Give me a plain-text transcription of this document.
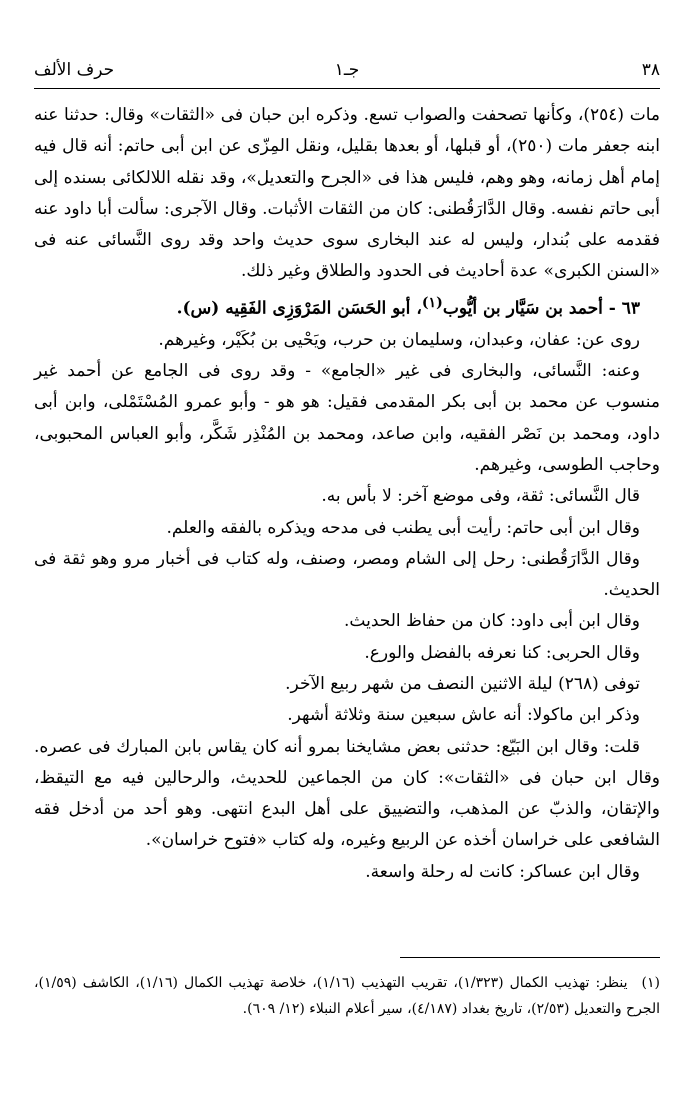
٣٨
جـ١
حرف الألف

مات (٢٥٤)، وكأنها تصحفت والصواب تسع. وذكره ابن حبان فى «الثقات» وقال: حدثنا عنه ابنه جعفر مات (٢٥٠)، أو قبلها، أو بعدها بقليل، ونقل المِزّى عن ابن أبى حاتم: أنه قال فيه إمام أهل زمانه، وهو وهم، فليس هذا فى «الجرح والتعديل»، وقد نقله اللالكائى بسنده إلى أبى حاتم نفسه. وقال الدَّارَقُطنى: كان من الثقات الأثبات. وقال الآجرى: سألت أبا داود عنه فقدمه على بُندار، وليس له عند البخارى سوى حديث واحد وقد روى النَّسائى عنه فى «السنن الكبرى» عدة أحاديث فى الحدود والطلاق وغير ذلك.

٦٣ - أحمد بن سَيَّار بن أيُّوب$^{(١)}$، أبو الحَسَن المَرْوَزِى الفَقِيه (س).

روى عن: عفان، وعبدان، وسليمان بن حرب، ويَحْيى بن بُكَيْر، وغيرهم.

وعنه: النَّسائى، والبخارى فى غير «الجامع» - وقد روى فى الجامع عن أحمد غير منسوب عن محمد بن أبى بكر المقدمى فقيل: هو هو - وأبو عمرو المُسْتَمْلى، وابن أبى داود، ومحمد بن نَصْر الفقيه، وابن صاعد، ومحمد بن المُنْذِر شَكَّر، وأبو العباس المحبوبى، وحاجب الطوسى، وغيرهم.

قال النَّسائى: ثقة، وفى موضع آخر: لا بأس به.

وقال ابن أبى حاتم: رأيت أبى يطنب فى مدحه ويذكره بالفقه والعلم.

وقال الدَّارَقُطنى: رحل إلى الشام ومصر، وصنف، وله كتاب فى أخبار مرو وهو ثقة فى الحديث.

وقال ابن أبى داود: كان من حفاظ الحديث.

وقال الحربى: كنا نعرفه بالفضل والورع.

توفى (٢٦٨) ليلة الاثنين النصف من شهر ربيع الآخر.

وذكر ابن ماكولا: أنه عاش سبعين سنة وثلاثة أشهر.

قلت: وقال ابن البَيّع: حدثنى بعض مشايخنا بمرو أنه كان يقاس بابن المبارك فى عصره. وقال ابن حبان فى «الثقات»: كان من الجماعين للحديث، والرحالين فيه مع التيقظ، والإتقان، والذبّ عن المذهب، والتضييق على أهل البدع انتهى. وهو أحد من أدخل فقه الشافعى على خراسان أخذه عن الربيع وغيره، وله كتاب «فتوح خراسان».

وقال ابن عساكر: كانت له رحلة واسعة.

(١)ينظر: تهذيب الكمال (١/٣٢٣)، تقريب التهذيب (١/١٦)، خلاصة تهذيب الكمال (١/١٦)، الكاشف (١/٥٩)، الجرح والتعديل (٢/٥٣)، تاريخ بغداد (٤/١٨٧)، سير أعلام النبلاء (١٢/ ٦٠٩).
